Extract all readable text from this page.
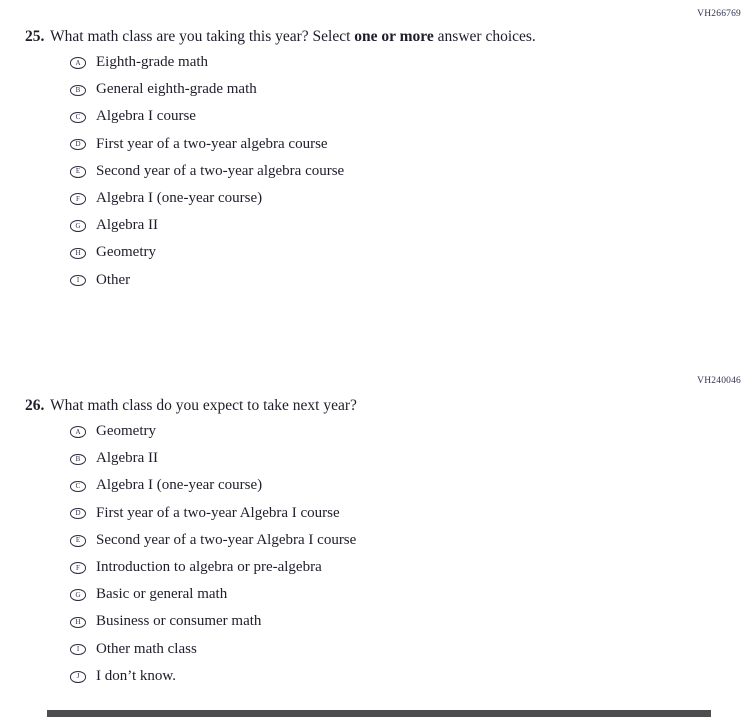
VH266769
25. What math class are you taking this year? Select one or more answer choices.
A	Eighth-grade math
B	General eighth-grade math
C	Algebra I course
D	First year of a two-year algebra course
E	Second year of a two-year algebra course
F	Algebra I (one-year course)
G	Algebra II
H	Geometry
I	Other
VH240046
26. What math class do you expect to take next year?
A	Geometry
B	Algebra II
C	Algebra I (one-year course)
D	First year of a two-year Algebra I course
E	Second year of a two-year Algebra I course
F	Introduction to algebra or pre-algebra
G	Basic or general math
H	Business or consumer math
I	Other math class
J	I don’t know.
